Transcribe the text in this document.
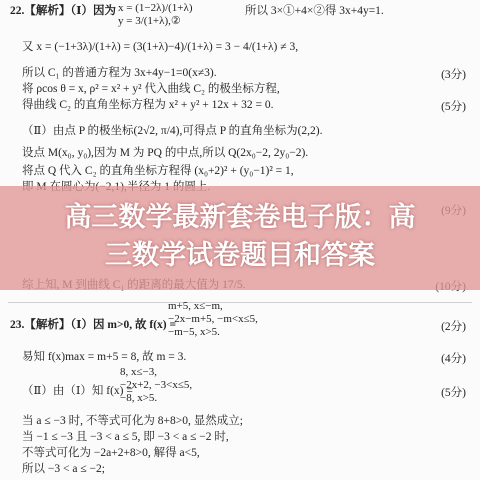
22.【解析】（Ⅰ）因为 x = (1−2λ)/(1+λ)
y = 3/(1+λ),②
所以 3×①+4×②得 3x+4y=1.
又 x = (−1+3λ)/(1+λ) = (3(1+λ)−4)/(1+λ) = 3 − 4/(1+λ) ≠ 3,
所以 C₁ 的普通方程为 3x+4y−1=0(x≠3).	(3分)
将 ρcos θ = x, ρ² = x² + y² 代入曲线 C₂ 的极坐标方程,
得曲线 C₂ 的直角坐标方程为 x² + y² + 12x + 32 = 0.	(5分)
（Ⅱ）由点 P 的极坐标(2√2, π/4),可得点 P 的直角坐标为(2,2).
设点 M(x₀, y₀),因为 M 为 PQ 的中点,所以 Q(2x₀−2, 2y₀−2).
将点 Q 代入 C₂ 的直角坐标方程得 (x₀+2)² + (y₀−1)² = 1,
23.【解析】（Ⅰ）因 m>0, 故 f(x) =
m+5, x≤−m,
−2x−m+5, −m<x≤5,
−m−5, x>5.	(2分)
易知 f(x)max = m+5 = 8, 故 m = 3.	(4分)
（Ⅱ）由（Ⅰ）知 f(x) =
8, x≤−3,
−2x+2, −3<x≤5,
−8, x>5.	(5分)
当 a ≤ −3 时, 不等式可化为 8+8>0, 显然成立;
当 −1 ≤ −3 且 −3 < a ≤ 5, 即 −3 < a ≤ −2 时,
不等式可化为 −2a+2+8>0, 解得 a<5,
所以 −3 < a ≤ −2;
高三数学最新套卷电子版：高
三数学试卷题目和答案
